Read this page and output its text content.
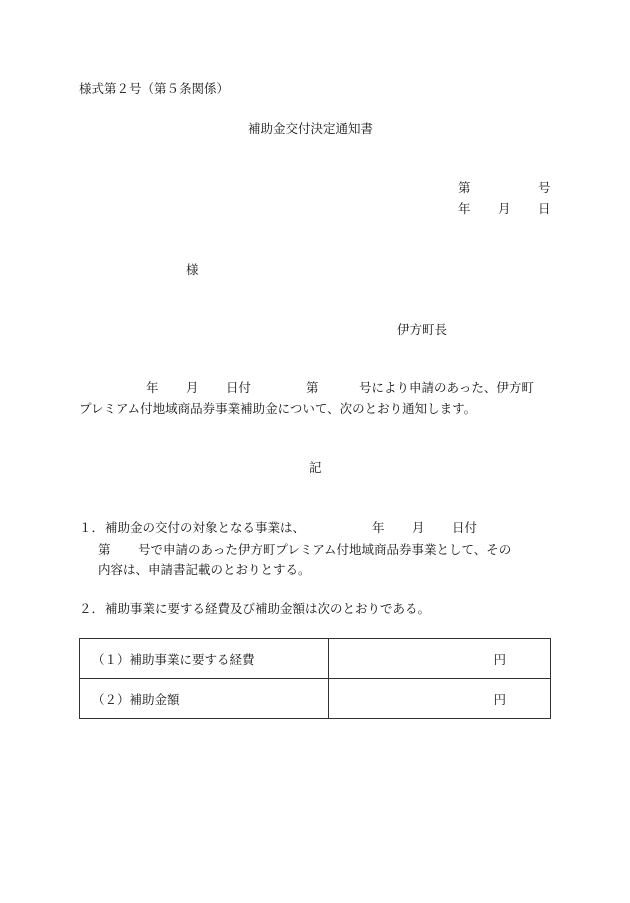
様式第２号（第５条関係）
補助金交付決定通知書
第	号
年 月 日
様
伊方町長
年 月 日付	第	号により申請のあった、伊方町
プレミアム付地域商品券事業補助金について、次のとおり通知します。
記
１． 補助金の交付の対象となる事業は、	年 月 日付
第 号で申請のあった伊方町プレミアム付地域商品券事業として、その
内容は、申請書記載のとおりとする。
２． 補助事業に要する経費及び補助金額は次のとおりである。
（１）補助事業に要する経費	円
（２）補助金額	円
